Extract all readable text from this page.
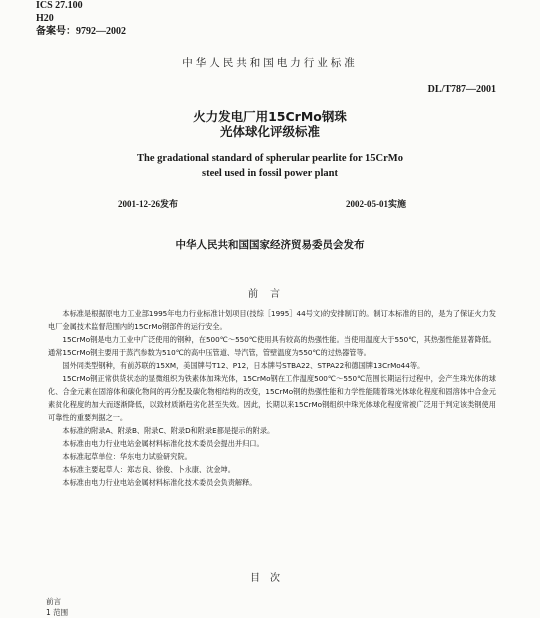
ICS 27.100
H20
备案号：9792—2002
中华人民共和国电力行业标准
DL/T787—2001
火力发电厂用15CrMo钢珠
光体球化评级标准
The gradational standard of spherular pearlite for 15CrMo
steel used in fossil power plant
2001-12-26发布	2002-05-01实施
中华人民共和国国家经济贸易委员会发布
前言

本标准是根据原电力工业部1995年电力行业标准计划项目(技综［1995］44号文)的安排制订的。制订本标准的目的，是为了保证火力发电厂金属技术监督范围内的15CrMo钢部件的运行安全。

15CrMo钢是电力工业中广泛使用的钢种，在500℃～550℃使用具有较高的热强性能。当使用温度大于550℃，其热强性能显著降低。通常15CrMo钢主要用于蒸汽参数为510℃的高中压管道、导汽管，管壁温度为550℃的过热器管等。

国外同类型钢种，有前苏联的15XM，美国牌号T12、P12，日本牌号STBA22、STPA22和德国牌13CrMo44等。

15CrMo钢正常供货状态的显微组织为铁素体加珠光体，15CrMo钢在工作温度500℃～550℃范围长期运行过程中，会产生珠光体的球化、合金元素在固溶体和碳化物间的再分配及碳化物相结构的改变，15CrMo钢的热强性能和力学性能随着珠光体球化程度和固溶体中合金元素贫化程度的加大而逐渐降低，以致材质渐趋劣化甚至失效。因此，长期以来15CrMo钢组织中珠光体球化程度常被广泛用于判定该类钢使用可靠性的重要判据之一。

本标准的附录A、附录B、附录C、附录D和附录E都是提示的附录。

本标准由电力行业电站金属材料标准化技术委员会提出并归口。

本标准起草单位：华东电力试验研究院。

本标准主要起草人：郑志良、徐俊、卜永康、沈金坤。

本标准由电力行业电站金属材料标准化技术委员会负责解释。

目次
前言
1 范围
